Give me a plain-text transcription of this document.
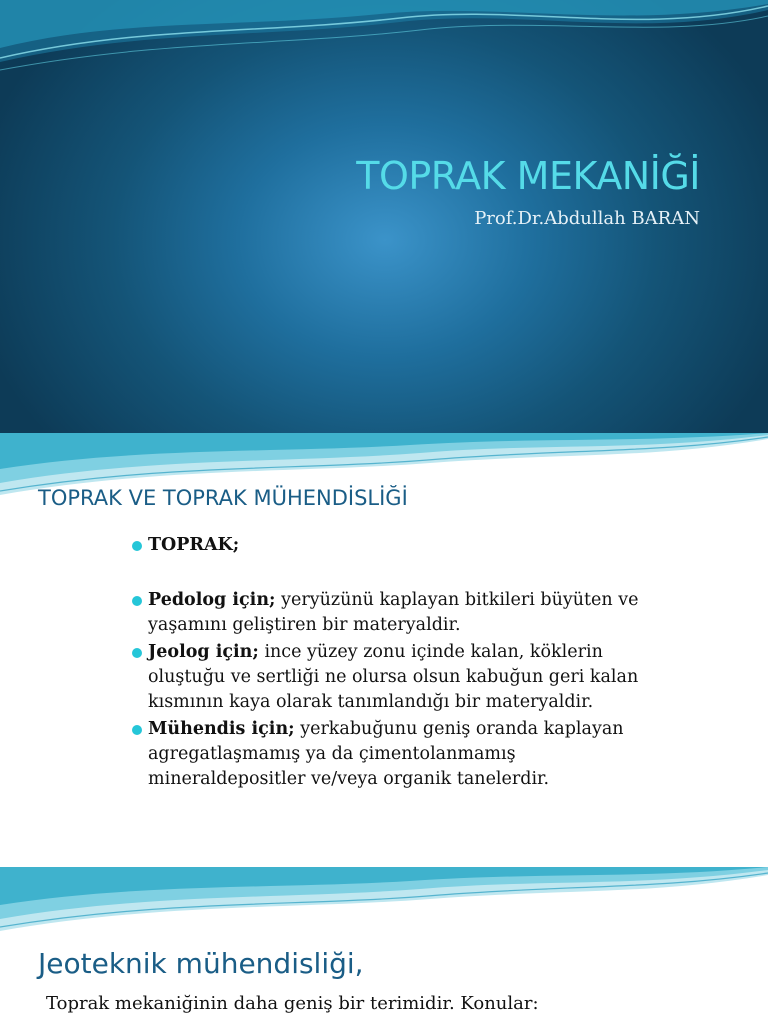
TOPRAK MEKANİĞİ
Prof.Dr.Abdullah BARAN
TOPRAK VE TOPRAK MÜHENDİSLİĞİ
TOPRAK;
Pedolog için; yeryüzünü kaplayan bitkileri büyüten ve yaşamını geliştiren bir materyaldir.
Jeolog için; ince yüzey zonu içinde kalan, köklerin oluştuğu ve sertliği ne olursa olsun kabuğun geri kalan kısmının kaya olarak tanımlandığı bir materyaldir.
Mühendis için; yerkabuğunu geniş oranda kaplayan agregatlaşmamış ya da çimentolanmamış mineraldepositler ve/veya organik tanelerdir.
Jeoteknik mühendisliği,
Toprak mekaniğinin daha geniş bir terimidir. Konular:
